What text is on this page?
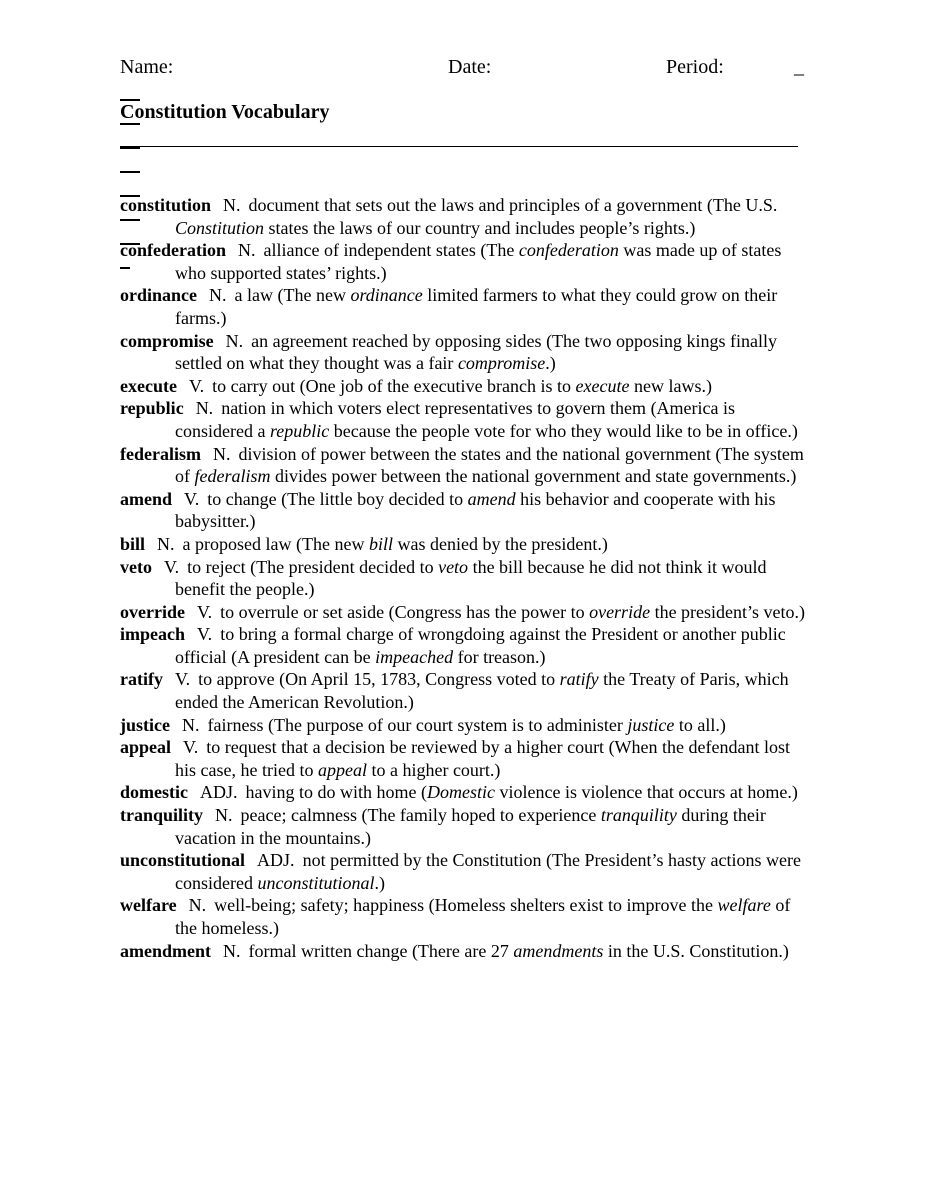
Name:

	Date:

	Period:

	_

Constitution Vocabulary
constitution N. document that sets out the laws and principles of a government (The U.S. Constitution states the laws of our country and includes people’s rights.)
confederation N. alliance of independent states (The confederation was made up of states who supported states’ rights.)
ordinance N. a law (The new ordinance limited farmers to what they could grow on their farms.)
compromise N. an agreement reached by opposing sides (The two opposing kings finally settled on what they thought was a fair compromise.)
execute V. to carry out (One job of the executive branch is to execute new laws.)
republic N. nation in which voters elect representatives to govern them (America is considered a republic because the people vote for who they would like to be in office.)
federalism N. division of power between the states and the national government (The system of federalism divides power between the national government and state governments.)
amend V. to change (The little boy decided to amend his behavior and cooperate with his babysitter.)
bill N. a proposed law (The new bill was denied by the president.)
veto V. to reject (The president decided to veto the bill because he did not think it would benefit the people.)
override V. to overrule or set aside (Congress has the power to override the president’s veto.)
impeach V. to bring a formal charge of wrongdoing against the President or another public official (A president can be impeached for treason.)
ratify V. to approve (On April 15, 1783, Congress voted to ratify the Treaty of Paris, which ended the American Revolution.)
justice N. fairness (The purpose of our court system is to administer justice to all.)
appeal V. to request that a decision be reviewed by a higher court (When the defendant lost his case, he tried to appeal to a higher court.)
domestic ADJ. having to do with home (Domestic violence is violence that occurs at home.)
tranquility N. peace; calmness (The family hoped to experience tranquility during their vacation in the mountains.)
unconstitutional ADJ. not permitted by the Constitution (The President’s hasty actions were considered unconstitutional.)
welfare N. well-being; safety; happiness (Homeless shelters exist to improve the welfare of the homeless.)
amendment N. formal written change (There are 27 amendments in the U.S. Constitution.)
